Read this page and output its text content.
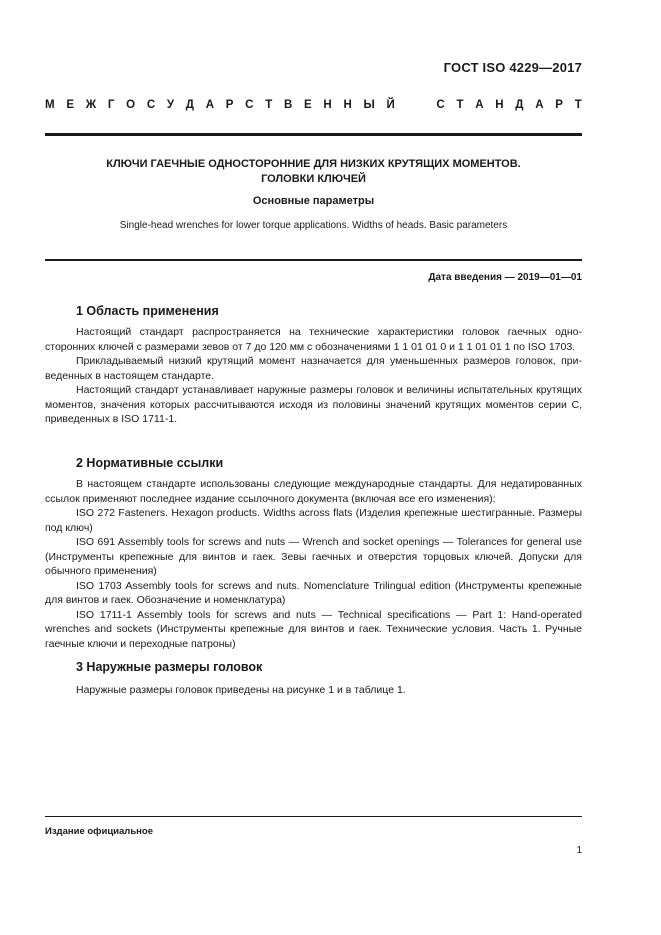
ГОСТ ISO 4229—2017
М Е Ж Г О С У Д А Р С Т В Е Н Н Ы Й

	С Т А Н Д А Р Т
КЛЮЧИ ГАЕЧНЫЕ ОДНОСТОРОННИЕ ДЛЯ НИЗКИХ КРУТЯЩИХ МОМЕНТОВ.
ГОЛОВКИ КЛЮЧЕЙ
Основные параметры
Single-head wrenches for lower torque applications. Widths of heads. Basic parameters
Дата введения — 2019—01—01
1 Область применения

Настоящий стандарт распространяется на технические характеристики головок гаечных односторонних ключей с размерами зевов от 7 до 120 мм с обозначениями 1 1 01 01 0 и 1 1 01 01 1 по ISO 1703.

Прикладываемый низкий крутящий момент назначается для уменьшенных размеров головок, приведенных в настоящем стандарте.

Настоящий стандарт устанавливает наружные размеры головок и величины испытательных крутящих моментов, значения которых рассчитываются исходя из половины значений крутящих моментов серии С, приведенных в ISO 1711-1.

2 Нормативные ссылки

В настоящем стандарте использованы следующие международные стандарты. Для недатированных ссылок применяют последнее издание ссылочного документа (включая все его изменения):

ISO 272 Fasteners. Hexagon products. Widths across flats (Изделия крепежные шестигранные. Размеры под ключ)

ISO 691 Assembly tools for screws and nuts — Wrench and socket openings — Tolerances for general use (Инструменты крепежные для винтов и гаек. Зевы гаечных и отверстия торцовых ключей. Допуски для обычного применения)

ISO 1703 Assembly tools for screws and nuts. Nomenclature Trilingual edition (Инструменты крепежные для винтов и гаек. Обозначение и номенклатура)

ISO 1711-1 Assembly tools for screws and nuts — Technical specifications — Part 1: Hand-operated wrenches and sockets (Инструменты крепежные для винтов и гаек. Технические условия. Часть 1. Ручные гаечные ключи и переходные патроны)

3 Наружные размеры головок

Наружные размеры головок приведены на рисунке 1 и в таблице 1.

Издание официальное
1
